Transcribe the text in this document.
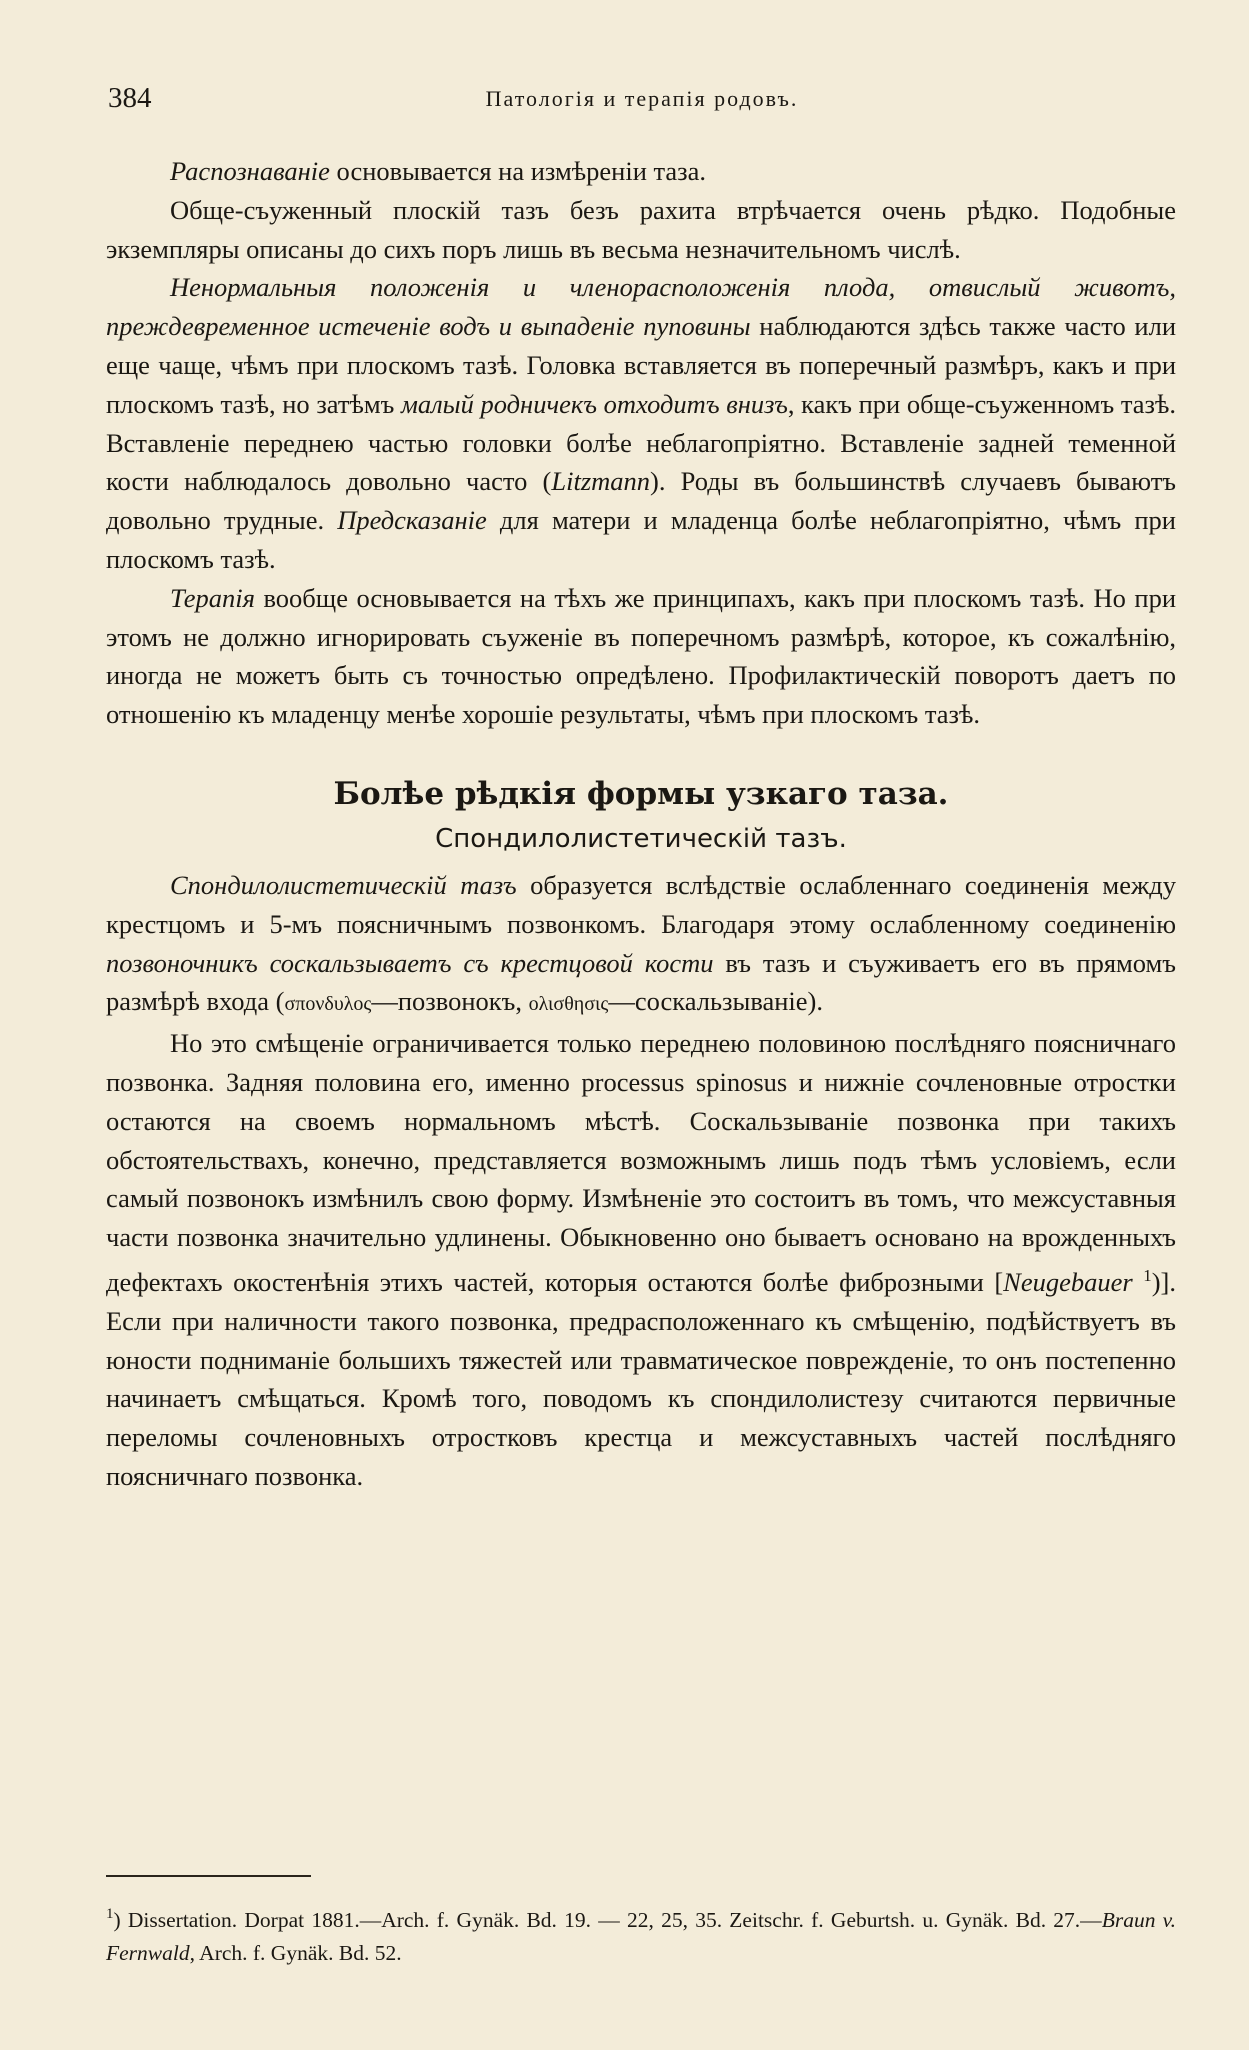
384	Патологія и терапія родовъ.

Распознаваніе основывается на измѣреніи таза.

Обще-съуженный плоскій тазъ безъ рахита втрѣчается очень рѣдко. Подобные экземпляры описаны до сихъ поръ лишь въ весьма незначительномъ числѣ.

Ненормальныя положенія и членорасположенія плода, отвислый животъ, преждевременное истеченіе водъ и выпаденіе пуповины наблюдаются здѣсь также часто или еще чаще, чѣмъ при плоскомъ тазѣ. Головка вставляется въ поперечный размѣръ, какъ и при плоскомъ тазѣ, но затѣмъ малый родничекъ отходитъ внизъ, какъ при обще-съуженномъ тазѣ. Вставленіе переднею частью головки болѣе неблагопріятно. Вставленіе задней теменной кости наблюдалось довольно часто (Litzmann). Роды въ большинствѣ случаевъ бываютъ довольно трудные. Предсказаніе для матери и младенца болѣе неблагопріятно, чѣмъ при плоскомъ тазѣ.

Терапія вообще основывается на тѣхъ же принципахъ, какъ при плоскомъ тазѣ. Но при этомъ не должно игнорировать съуженіе въ поперечномъ размѣрѣ, которое, къ сожалѣнію, иногда не можетъ быть съ точностью опредѣлено. Профилактическій поворотъ даетъ по отношенію къ младенцу менѣе хорошіе результаты, чѣмъ при плоскомъ тазѣ.

Болѣе рѣдкія формы узкаго таза.
Спондилолистетическій тазъ.

Спондилолистетическій тазъ образуется вслѣдствіе ослабленнаго соединенія между крестцомъ и 5-мъ поясничнымъ позвонкомъ. Благодаря этому ослабленному соединенію позвоночникъ соскальзываетъ съ крестцовой кости въ тазъ и съуживаетъ его въ прямомъ размѣрѣ входа (σπονδυλος—позвонокъ, ολισθησις—соскальзываніе).

Но это смѣщеніе ограничивается только переднею половиною послѣдняго поясничнаго позвонка. Задняя половина его, именно processus spinosus и нижніе сочленовные отростки остаются на своемъ нормальномъ мѣстѣ. Соскальзываніе позвонка при такихъ обстоятельствахъ, конечно, представляется возможнымъ лишь подъ тѣмъ условіемъ, если самый позвонокъ измѣнилъ свою форму. Измѣненіе это состоитъ въ томъ, что межсуставныя части позвонка значительно удлинены. Обыкновенно оно бываетъ основано на врожденныхъ дефектахъ окостенѣнія этихъ частей, которыя остаются болѣе фиброзными [Neugebauer $^1$)]. Если при наличности такого позвонка, предрасположеннаго къ смѣщенію, подѣйствуетъ въ юности подниманіе большихъ тяжестей или травматическое поврежденіе, то онъ постепенно начинаетъ смѣщаться. Кромѣ того, поводомъ къ спондилолистезу считаются первичные переломы сочленовныхъ отростковъ крестца и межсуставныхъ частей послѣдняго поясничнаго позвонка.

$^1$) Dissertation. Dorpat 1881.—Arch. f. Gynäk. Bd. 19. — 22, 25, 35. Zeitschr. f. Geburtsh. u. Gynäk. Bd. 27.—Braun v. Fernwald, Arch. f. Gynäk. Bd. 52.
